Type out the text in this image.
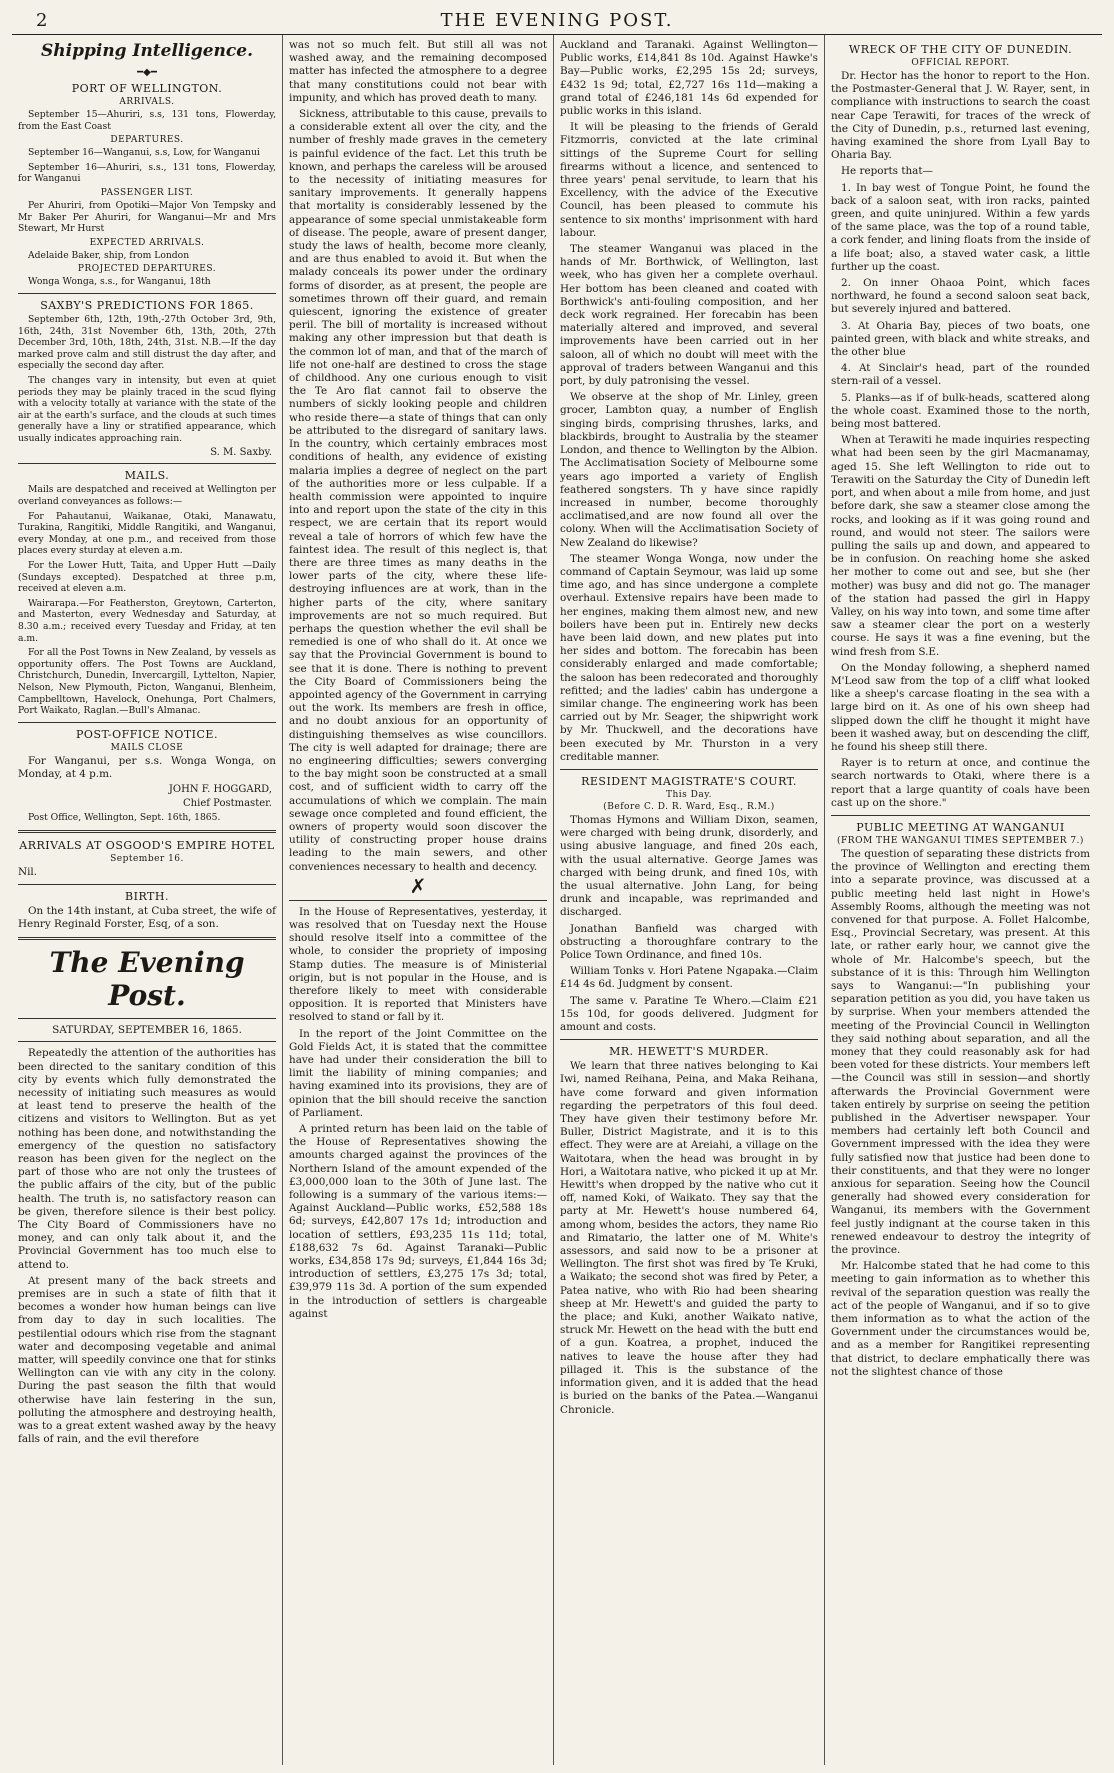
2	THE EVENING POST.
Shipping Intelligence.
━◆━
PORT OF WELLINGTON.
ARRIVALS.

September 15—Ahuriri, s.s, 131 tons, Flowerday, from the East Coast

DEPARTURES.

September 16—Wanganui, s.s, Low, for Wanganui

September 16—Ahuriri, s.s., 131 tons, Flowerday, for Wanganui

PASSENGER LIST.

Per Ahuriri, from Opotiki—Major Von Tempsky and Mr Baker Per Ahuriri, for Wanganui—Mr and Mrs Stewart, Mr Hurst

EXPECTED ARRIVALS.

Adelaide Baker, ship, from London

PROJECTED DEPARTURES.

Wonga Wonga, s.s., for Wanganui, 18th

SAXBY'S PREDICTIONS FOR 1865.

September 6th, 12th, 19th,-27th October 3rd, 9th, 16th, 24th, 31st November 6th, 13th, 20th, 27th December 3rd, 10th, 18th, 24th, 31st. N.B.—If the day marked prove calm and still distrust the day after, and especially the second day after.

The changes vary in intensity, but even at quiet periods they may be plainly traced in the scud flying with a velocity totally at variance with the state of the air at the earth's surface, and the clouds at such times generally have a liny or stratified appearance, which usually indicates approaching rain.

S. M. Saxby.
MAILS.

Mails are despatched and received at Wellington per overland conveyances as follows:—

For Pahautanui, Waikanae, Otaki, Manawatu, Turakina, Rangitiki, Middle Rangitiki, and Wanganui, every Monday, at one p.m., and received from those places every sturday at eleven a.m.

For the Lower Hutt, Taita, and Upper Hutt —Daily (Sundays excepted). Despatched at three p.m, received at eleven a.m.

Wairarapa.—For Featherston, Greytown, Carterton, and Masterton, every Wednesday and Saturday, at 8.30 a.m.; received every Tuesday and Friday, at ten a.m.

For all the Post Towns in New Zealand, by vessels as opportunity offers. The Post Towns are Auckland, Christchurch, Dunedin, Invercargill, Lyttelton, Napier, Nelson, New Plymouth, Picton, Wanganui, Blenheim, Campbelltown, Havelock, Onehunga, Port Chalmers, Port Waikato, Raglan.—Bull's Almanac.

POST-OFFICE NOTICE.
MAILS CLOSE

For Wanganui, per s.s. Wonga Wonga, on Monday, at 4 p.m.

JOHN F. HOGGARD,
Chief Postmaster.

Post Office, Wellington, Sept. 16th, 1865.

ARRIVALS AT OSGOOD'S EMPIRE HOTEL
September 16.

Nil.

BIRTH.

On the 14th instant, at Cuba street, the wife of Henry Reginald Forster, Esq, of a son.

The Evening Post.
SATURDAY, SEPTEMBER 16, 1865.

Repeatedly the attention of the authorities has been directed to the sanitary condition of this city by events which fully demonstrated the necessity of initiating such measures as would at least tend to preserve the health of the citizens and visitors to Wellington. But as yet nothing has been done, and notwithstanding the emergency of the question no satisfactory reason has been given for the neglect on the part of those who are not only the trustees of the public affairs of the city, but of the public health. The truth is, no satisfactory reason can be given, therefore silence is their best policy. The City Board of Commissioners have no money, and can only talk about it, and the Provincial Government has too much else to attend to.

At present many of the back streets and premises are in such a state of filth that it becomes a wonder how human beings can live from day to day in such localities. The pestilential odours which rise from the stagnant water and decomposing vegetable and animal matter, will speedily convince one that for stinks Wellington can vie with any city in the colony. During the past season the filth that would otherwise have lain festering in the sun, polluting the atmosphere and destroying health, was to a great extent washed away by the heavy falls of rain, and the evil therefore

was not so much felt. But still all was not washed away, and the remaining decomposed matter has infected the atmosphere to a degree that many constitutions could not bear with impunity, and which has proved death to many.

Sickness, attributable to this cause, prevails to a considerable extent all over the city, and the number of freshly made graves in the cemetery is painful evidence of the fact. Let this truth be known, and perhaps the careless will be aroused to the necessity of initiating measures for sanitary improvements. It generally happens that mortality is considerably lessened by the appearance of some special unmistakeable form of disease. The people, aware of present danger, study the laws of health, become more cleanly, and are thus enabled to avoid it. But when the malady conceals its power under the ordinary forms of disorder, as at present, the people are sometimes thrown off their guard, and remain quiescent, ignoring the existence of greater peril. The bill of mortality is increased without making any other impression but that death is the common lot of man, and that of the march of life not one-half are destined to cross the stage of childhood. Any one curious enough to visit the Te Aro flat cannot fail to observe the numbers of sickly looking people and children who reside there—a state of things that can only be attributed to the disregard of sanitary laws. In the country, which certainly embraces most conditions of health, any evidence of existing malaria implies a degree of neglect on the part of the authorities more or less culpable. If a health commission were appointed to inquire into and report upon the state of the city in this respect, we are certain that its report would reveal a tale of horrors of which few have the faintest idea. The result of this neglect is, that there are three times as many deaths in the lower parts of the city, where these life-destroying influences are at work, than in the higher parts of the city, where sanitary improvements are not so much required. But perhaps the question whether the evil shall be remedied is one of who shall do it. At once we say that the Provincial Government is bound to see that it is done. There is nothing to prevent the City Board of Commissioners being the appointed agency of the Government in carrying out the work. Its members are fresh in office, and no doubt anxious for an opportunity of distinguishing themselves as wise councillors. The city is well adapted for drainage; there are no engineering difficulties; sewers converging to the bay might soon be constructed at a small cost, and of sufficient width to carry off the accumulations of which we complain. The main sewage once completed and found efficient, the owners of property would soon discover the utility of constructing proper house drains leading to the main sewers, and other conveniences necessary to health and decency.

✗

In the House of Representatives, yesterday, it was resolved that on Tuesday next the House should resolve itself into a committee of the whole, to consider the propriety of imposing Stamp duties. The measure is of Ministerial origin, but is not popular in the House, and is therefore likely to meet with considerable opposition. It is reported that Ministers have resolved to stand or fall by it.

In the report of the Joint Committee on the Gold Fields Act, it is stated that the committee have had under their consideration the bill to limit the liability of mining companies; and having examined into its provisions, they are of opinion that the bill should receive the sanction of Parliament.

A printed return has been laid on the table of the House of Representatives showing the amounts charged against the provinces of the Northern Island of the amount expended of the £3,000,000 loan to the 30th of June last. The following is a summary of the various items:—Against Auckland—Public works, £52,588 18s 6d; surveys, £42,807 17s 1d; introduction and location of settlers, £93,235 11s 11d; total, £188,632 7s 6d. Against Taranaki—Public works, £34,858 17s 9d; surveys, £1,844 16s 3d; introduction of settlers, £3,275 17s 3d; total, £39,979 11s 3d. A portion of the sum expended in the introduction of settlers is chargeable against

Auckland and Taranaki. Against Wellington—Public works, £14,841 8s 10d. Against Hawke's Bay—Public works, £2,295 15s 2d; surveys, £432 1s 9d; total, £2,727 16s 11d—making a grand total of £246,181 14s 6d expended for public works in this island.

It will be pleasing to the friends of Gerald Fitzmorris, convicted at the late criminal sittings of the Supreme Court for selling firearms without a licence, and sentenced to three years' penal servitude, to learn that his Excellency, with the advice of the Executive Council, has been pleased to commute his sentence to six months' imprisonment with hard labour.

The steamer Wanganui was placed in the hands of Mr. Borthwick, of Wellington, last week, who has given her a complete overhaul. Her bottom has been cleaned and coated with Borthwick's anti-fouling composition, and her deck work regrained. Her forecabin has been materially altered and improved, and several improvements have been carried out in her saloon, all of which no doubt will meet with the approval of traders between Wanganui and this port, by duly patronising the vessel.

We observe at the shop of Mr. Linley, green grocer, Lambton quay, a number of English singing birds, comprising thrushes, larks, and blackbirds, brought to Australia by the steamer London, and thence to Wellington by the Albion. The Acclimatisation Society of Melbourne some years ago imported a variety of English feathered songsters. Th y have since rapidly increased in number, become thoroughly acclimatised,and are now found all over the colony. When will the Acclimatisation Society of New Zealand do likewise?

The steamer Wonga Wonga, now under the command of Captain Seymour, was laid up some time ago, and has since undergone a complete overhaul. Extensive repairs have been made to her engines, making them almost new, and new boilers have been put in. Entirely new decks have been laid down, and new plates put into her sides and bottom. The forecabin has been considerably enlarged and made comfortable; the saloon has been redecorated and thoroughly refitted; and the ladies' cabin has undergone a similar change. The engineering work has been carried out by Mr. Seager, the shipwright work by Mr. Thuckwell, and the decorations have been executed by Mr. Thurston in a very creditable manner.

RESIDENT MAGISTRATE'S COURT.
This Day.
(Before C. D. R. Ward, Esq., R.M.)

Thomas Hymons and William Dixon, seamen, were charged with being drunk, disorderly, and using abusive language, and fined 20s each, with the usual alternative. George James was charged with being drunk, and fined 10s, with the usual alternative. John Lang, for being drunk and incapable, was reprimanded and discharged.

Jonathan Banfield was charged with obstructing a thoroughfare contrary to the Police Town Ordinance, and fined 10s.

William Tonks v. Hori Patene Ngapaka.—Claim £14 4s 6d. Judgment by consent.

The same v. Paratine Te Whero.—Claim £21 15s 10d, for goods delivered. Judgment for amount and costs.

MR. HEWETT'S MURDER.

We learn that three natives belonging to Kai Iwi, named Reihana, Peina, and Maka Reihana, have come forward and given information regarding the perpetrators of this foul deed. They have given their testimony before Mr. Buller, District Magistrate, and it is to this effect. They were are at Areiahi, a village on the Waitotara, when the head was brought in by Hori, a Waitotara native, who picked it up at Mr. Hewitt's when dropped by the native who cut it off, named Koki, of Waikato. They say that the party at Mr. Hewett's house numbered 64, among whom, besides the actors, they name Rio and Rimatario, the latter one of M. White's assessors, and said now to be a prisoner at Wellington. The first shot was fired by Te Kruki, a Waikato; the second shot was fired by Peter, a Patea native, who with Rio had been shearing sheep at Mr. Hewett's and guided the party to the place; and Kuki, another Waikato native, struck Mr. Hewett on the head with the butt end of a gun. Koatrea, a prophet, induced the natives to leave the house after they had pillaged it. This is the substance of the information given, and it is added that the head is buried on the banks of the Patea.—Wanganui Chronicle.

WRECK OF THE CITY OF DUNEDIN.
OFFICIAL REPORT.

Dr. Hector has the honor to report to the Hon. the Postmaster-General that J. W. Rayer, sent, in compliance with instructions to search the coast near Cape Terawiti, for traces of the wreck of the City of Dunedin, p.s., returned last evening, having examined the shore from Lyall Bay to Oharia Bay.

He reports that—

1. In bay west of Tongue Point, he found the back of a saloon seat, with iron racks, painted green, and quite uninjured. Within a few yards of the same place, was the top of a round table, a cork fender, and lining floats from the inside of a life boat; also, a staved water cask, a little further up the coast.

2. On inner Ohaoa Point, which faces northward, he found a second saloon seat back, but severely injured and battered.

3. At Oharia Bay, pieces of two boats, one painted green, with black and white streaks, and the other blue

4. At Sinclair's head, part of the rounded stern-rail of a vessel.

5. Planks—as if of bulk-heads, scattered along the whole coast. Examined those to the north, being most battered.

When at Terawiti he made inquiries respecting what had been seen by the girl Macmanamay, aged 15. She left Wellington to ride out to Terawiti on the Saturday the City of Dunedin left port, and when about a mile from home, and just before dark, she saw a steamer close among the rocks, and looking as if it was going round and round, and would not steer. The sailors were pulling the sails up and down, and appeared to be in confusion. On reaching home she asked her mother to come out and see, but she (her mother) was busy and did not go. The manager of the station had passed the girl in Happy Valley, on his way into town, and some time after saw a steamer clear the port on a westerly course. He says it was a fine evening, but the wind fresh from S.E.

On the Monday following, a shepherd named M'Leod saw from the top of a cliff what looked like a sheep's carcase floating in the sea with a large bird on it. As one of his own sheep had slipped down the cliff he thought it might have been it washed away, but on descending the cliff, he found his sheep still there.

Rayer is to return at once, and continue the search nortwards to Otaki, where there is a report that a large quantity of coals have been cast up on the shore."

PUBLIC MEETING AT WANGANUI
(FROM THE WANGANUI TIMES SEPTEMBER 7.)

The question of separating these districts from the province of Wellington and erecting them into a separate province, was discussed at a public meeting held last night in Howe's Assembly Rooms, although the meeting was not convened for that purpose. A. Follet Halcombe, Esq., Provincial Secretary, was present. At this late, or rather early hour, we cannot give the whole of Mr. Halcombe's speech, but the substance of it is this: Through him Wellington says to Wanganui:—"In publishing your separation petition as you did, you have taken us by surprise. When your members attended the meeting of the Provincial Council in Wellington they said nothing about separation, and all the money that they could reasonably ask for had been voted for these districts. Your members left—the Council was still in session—and shortly afterwards the Provincial Government were taken entirely by surprise on seeing the petition published in the Advertiser newspaper. Your members had certainly left both Council and Government impressed with the idea they were fully satisfied now that justice had been done to their constituents, and that they were no longer anxious for separation. Seeing how the Council generally had showed every consideration for Wanganui, its members with the Government feel justly indignant at the course taken in this renewed endeavour to destroy the integrity of the province.

Mr. Halcombe stated that he had come to this meeting to gain information as to whether this revival of the separation question was really the act of the people of Wanganui, and if so to give them information as to what the action of the Government under the circumstances would be, and as a member for Rangitikei representing that district, to declare emphatically there was not the slightest chance of those
